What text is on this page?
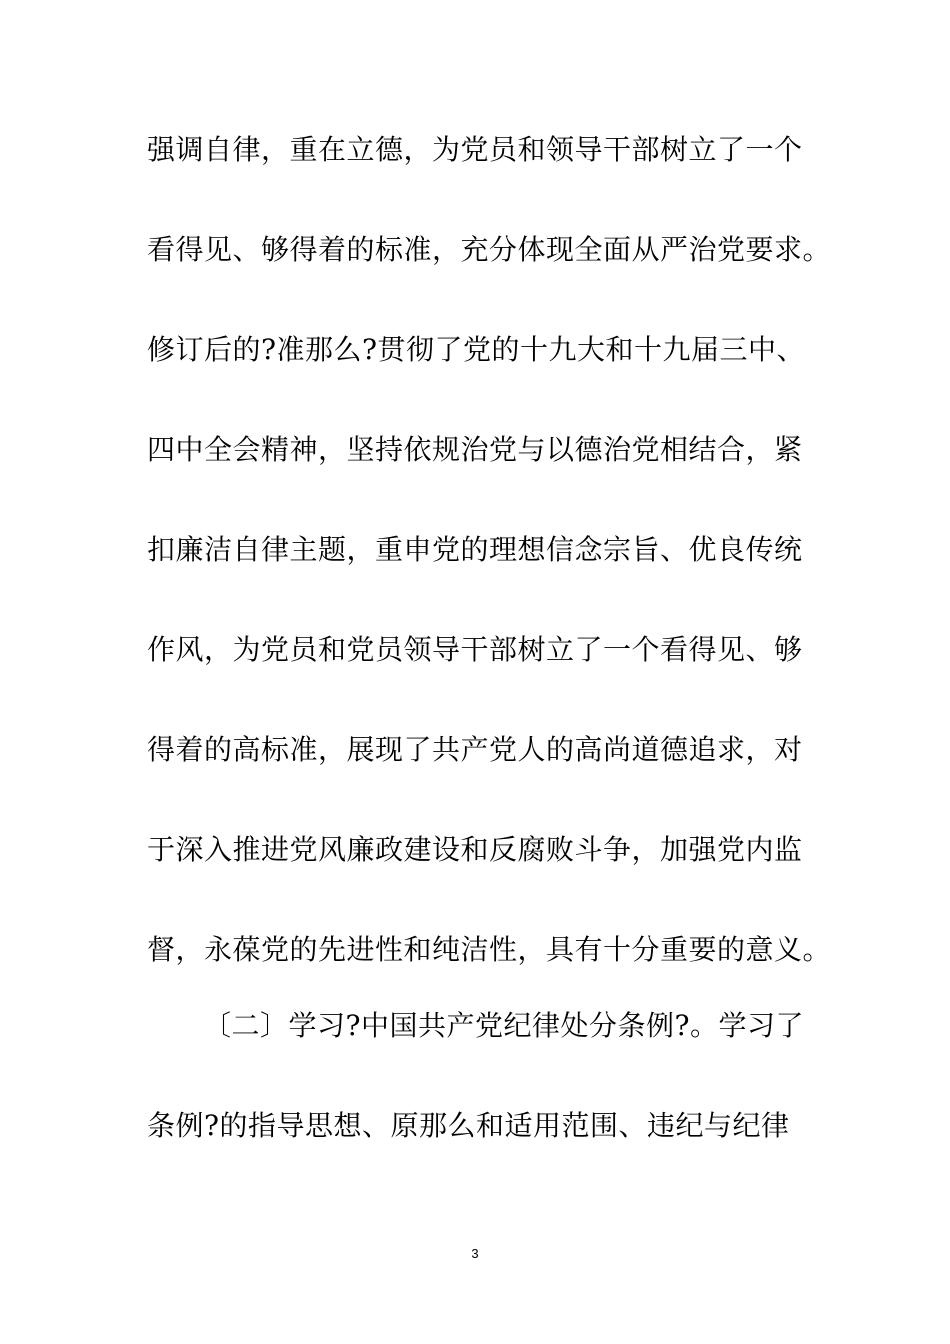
强调自律，重在立德，为党员和领导干部树立了一个
看得见、够得着的标准，充分体现全面从严治党要求。
修订后的?准那么?贯彻了党的十九大和十九届三中、
四中全会精神，坚持依规治党与以德治党相结合，紧
扣廉洁自律主题，重申党的理想信念宗旨、优良传统
作风，为党员和党员领导干部树立了一个看得见、够
得着的高标准，展现了共产党人的高尚道德追求，对
于深入推进党风廉政建设和反腐败斗争，加强党内监
督，永葆党的先进性和纯洁性，具有十分重要的意义。
〔二〕学习?中国共产党纪律处分条例?。学习了
条例?的指导思想、原那么和适用范围、违纪与纪律
3
